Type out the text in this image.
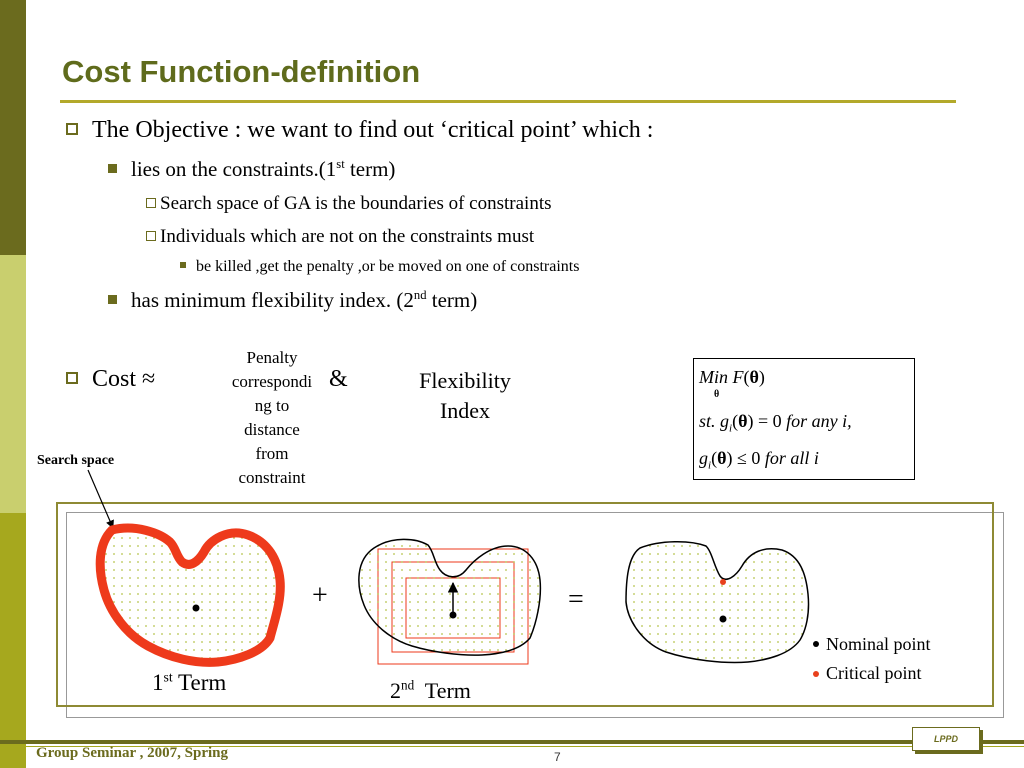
Cost Function-definition
The Objective : we want to find out ‘critical point’ which :
lies on the constraints.(1st term)
Search space of GA is the boundaries of constraints
Individuals which are not on the constraints must
be killed ,get the penalty ,or be moved on one of constraints
has minimum flexibility index. (2nd term)
Cost ≈
Penalty
correspondi
ng to
distance
from
constraint
&	Flexibility
Index
Min F(θ)
θ
st. $g_i(\theta) = 0$ for any i,
$g_i(\theta) \le 0$ for all i
Search space
+	=
1st Term	2nd  Term
Nominal point
Critical point
Group Seminar , 2007, Spring	7
LPPD
